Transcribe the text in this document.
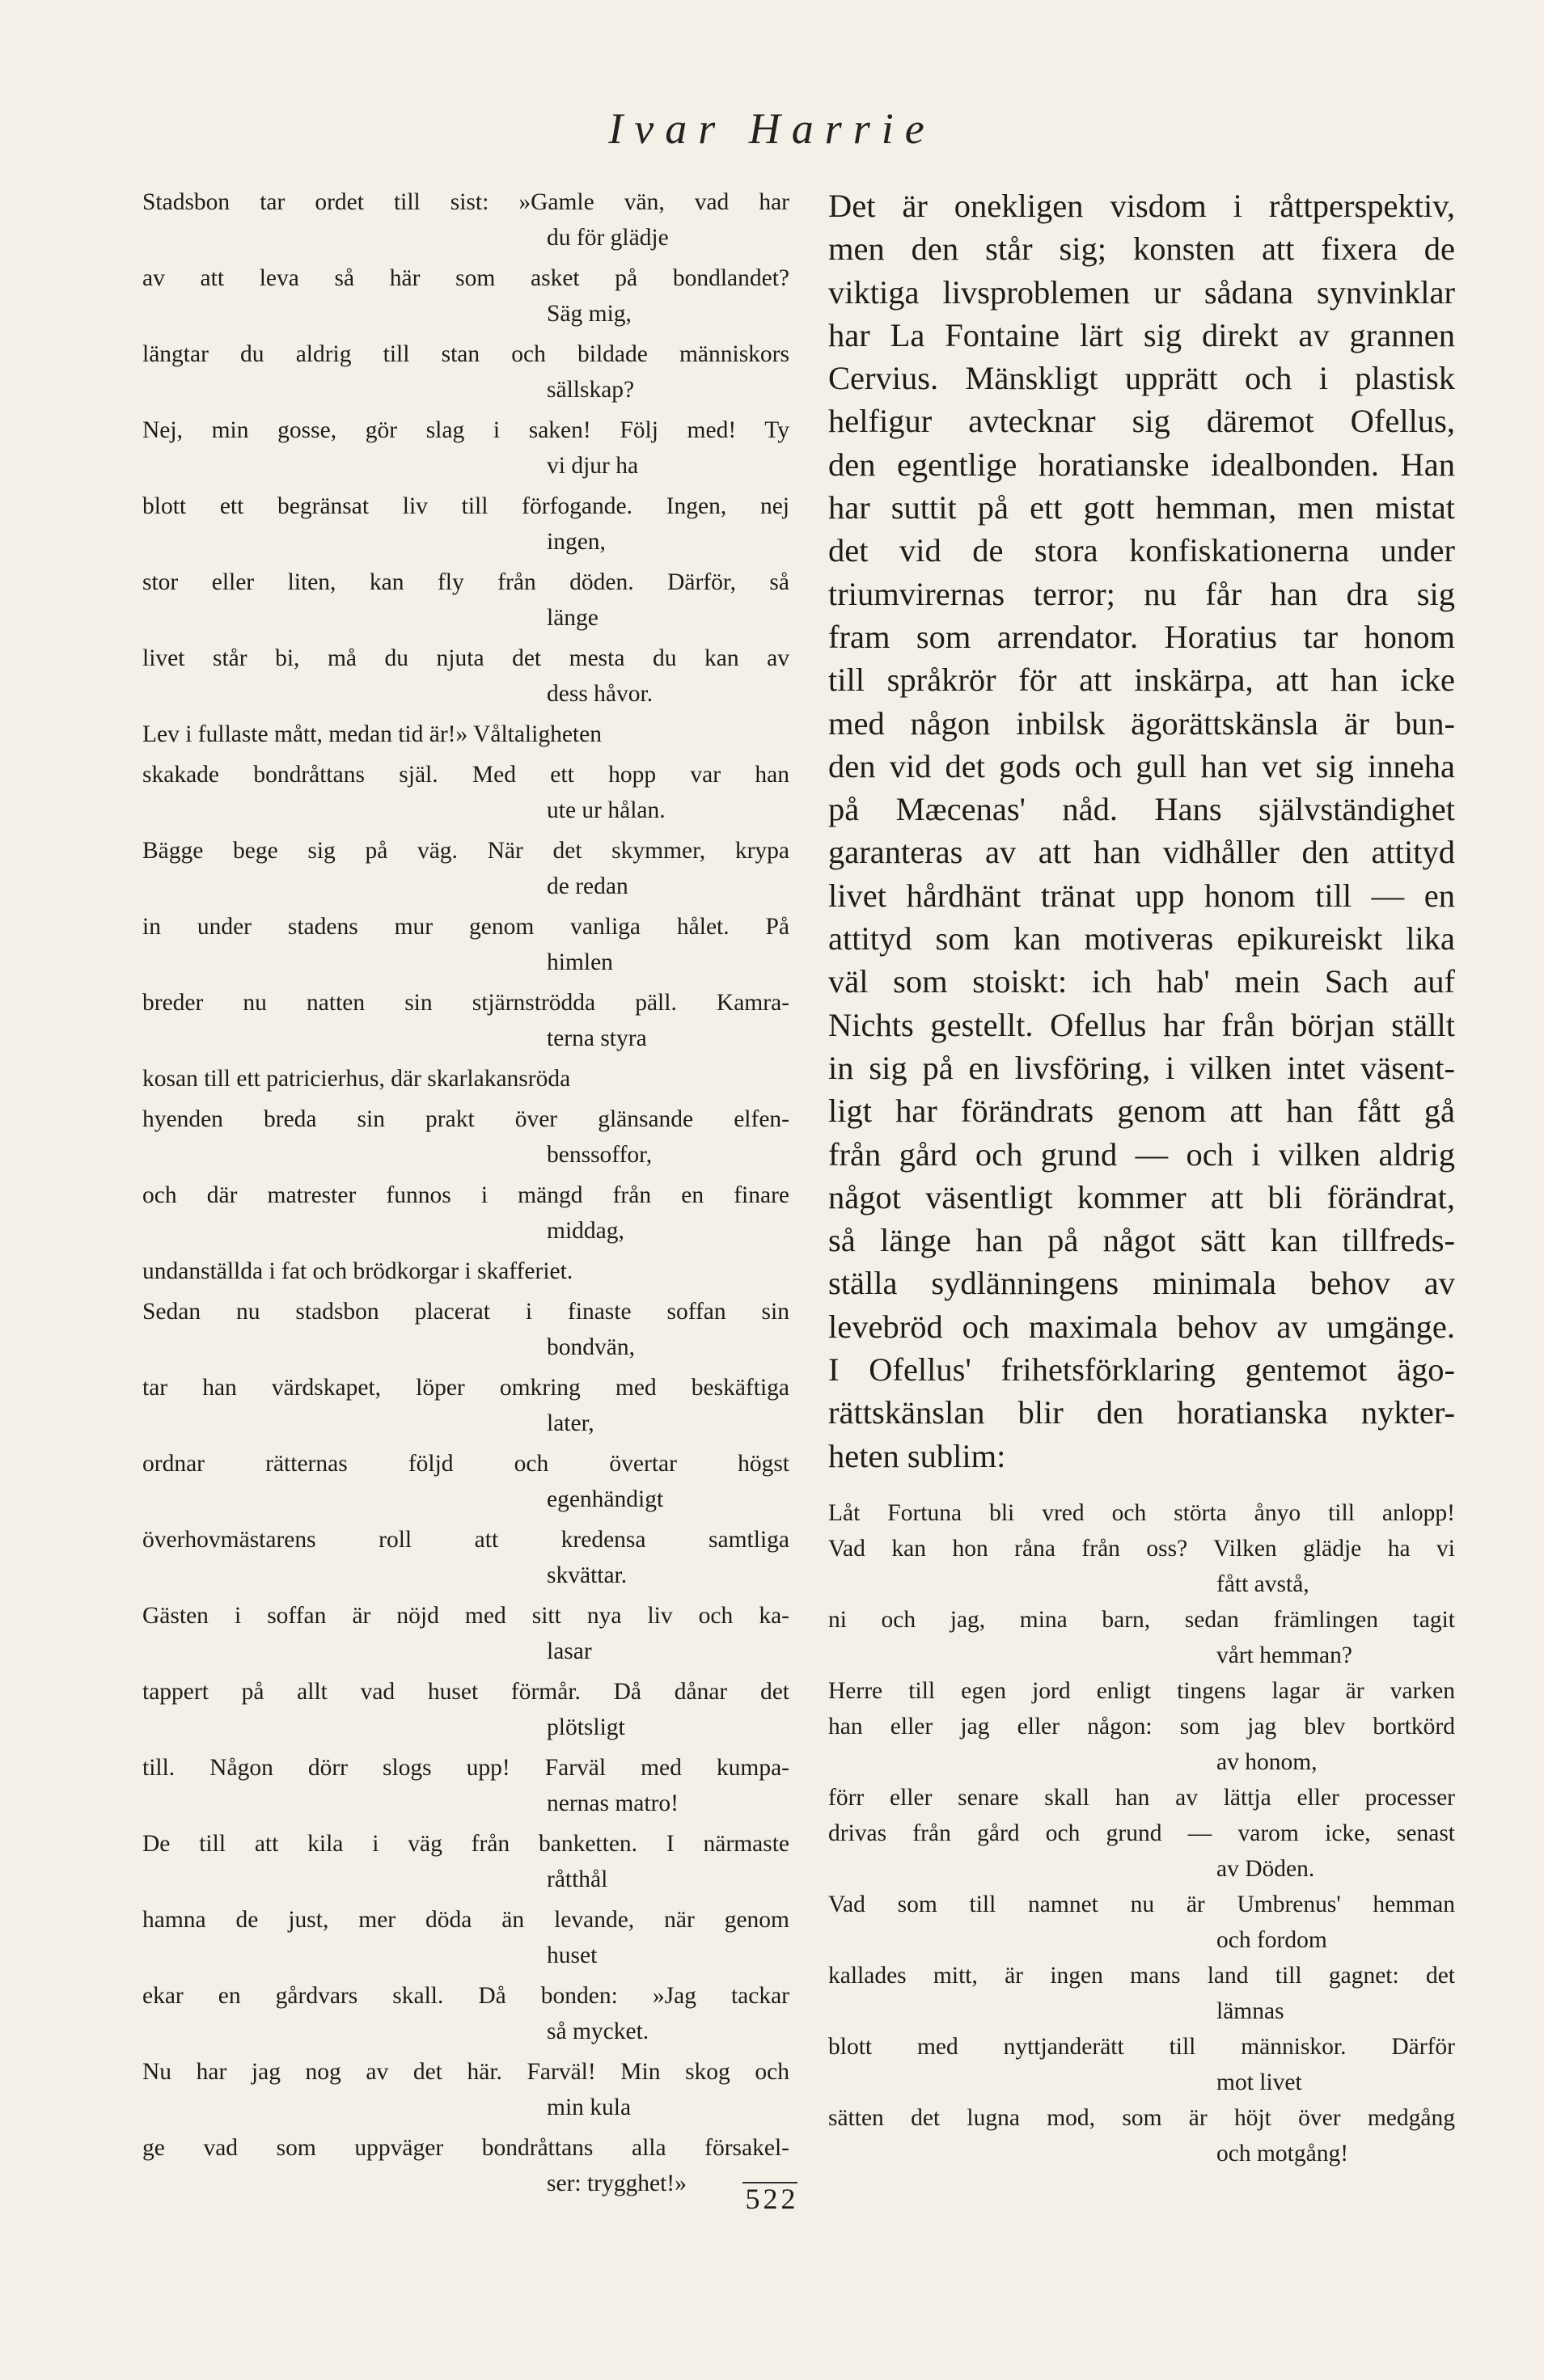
Ivar Harrie
Stadsbon tar ordet till sist: »Gamle vän, vad har
du för glädje
av att leva så här som asket på bondlandet?
Säg mig,
längtar du aldrig till stan och bildade människors
sällskap?
Nej, min gosse, gör slag i saken! Följ med! Ty
vi djur ha
blott ett begränsat liv till förfogande. Ingen, nej
ingen,
stor eller liten, kan fly från döden. Därför, så
länge
livet står bi, må du njuta det mesta du kan av
dess håvor.
Lev i fullaste mått, medan tid är!» Våltaligheten
skakade bondråttans själ. Med ett hopp var han
ute ur hålan.
Bägge bege sig på väg. När det skymmer, krypa
de redan
in under stadens mur genom vanliga hålet. På
himlen
breder nu natten sin stjärnströdda päll. Kamra-
terna styra
kosan till ett patricierhus, där skarlakansröda
hyenden breda sin prakt över glänsande elfen-
benssoffor,
och där matrester funnos i mängd från en finare
middag,
undanställda i fat och brödkorgar i skafferiet.
Sedan nu stadsbon placerat i finaste soffan sin
bondvän,
tar han värdskapet, löper omkring med beskäftiga
later,
ordnar rätternas följd och övertar högst
egenhändigt
överhovmästarens roll att kredensa samtliga
skvättar.
Gästen i soffan är nöjd med sitt nya liv och ka-
lasar
tappert på allt vad huset förmår. Då dånar det
plötsligt
till. Någon dörr slogs upp! Farväl med kumpa-
nernas matro!
De till att kila i väg från banketten. I närmaste
råtthål
hamna de just, mer döda än levande, när genom
huset
ekar en gårdvars skall. Då bonden: »Jag tackar
så mycket.
Nu har jag nog av det här. Farväl! Min skog och
min kula
ge vad som uppväger bondråttans alla försakel-
ser: trygghet!»
Det är onekligen visdom i råttperspektiv,
men den står sig; konsten att fixera de
viktiga livsproblemen ur sådana synvinklar
har La Fontaine lärt sig direkt av grannen
Cervius. Mänskligt upprätt och i plastisk
helfigur avtecknar sig däremot Ofellus,
den egentlige horatianske idealbonden. Han
har suttit på ett gott hemman, men mistat
det vid de stora konfiskationerna under
triumvirernas terror; nu får han dra sig
fram som arrendator. Horatius tar honom
till språkrör för att inskärpa, att han icke
med någon inbilsk ägorättskänsla är bun-
den vid det gods och gull han vet sig inneha
på Mæcenas' nåd. Hans självständighet
garanteras av att han vidhåller den attityd
livet hårdhänt tränat upp honom till — en
attityd som kan motiveras epikureiskt lika
väl som stoiskt: ich hab' mein Sach auf
Nichts gestellt. Ofellus har från början ställt
in sig på en livsföring, i vilken intet väsent-
ligt har förändrats genom att han fått gå
från gård och grund — och i vilken aldrig
något väsentligt kommer att bli förändrat,
så länge han på något sätt kan tillfreds-
ställa sydlänningens minimala behov av
levebröd och maximala behov av umgänge.
I Ofellus' frihetsförklaring gentemot ägo-
rättskänslan blir den horatianska nykter-
heten sublim:
Låt Fortuna bli vred och störta ånyo till anlopp!
Vad kan hon råna från oss? Vilken glädje ha vi
fått avstå,
ni och jag, mina barn, sedan främlingen tagit
vårt hemman?
Herre till egen jord enligt tingens lagar är varken
han eller jag eller någon: som jag blev bortkörd
av honom,
förr eller senare skall han av lättja eller processer
drivas från gård och grund — varom icke, senast
av Döden.
Vad som till namnet nu är Umbrenus' hemman
och fordom
kallades mitt, är ingen mans land till gagnet: det
lämnas
blott med nyttjanderätt till människor. Därför
mot livet
sätten det lugna mod, som är höjt över medgång
och motgång!
522
